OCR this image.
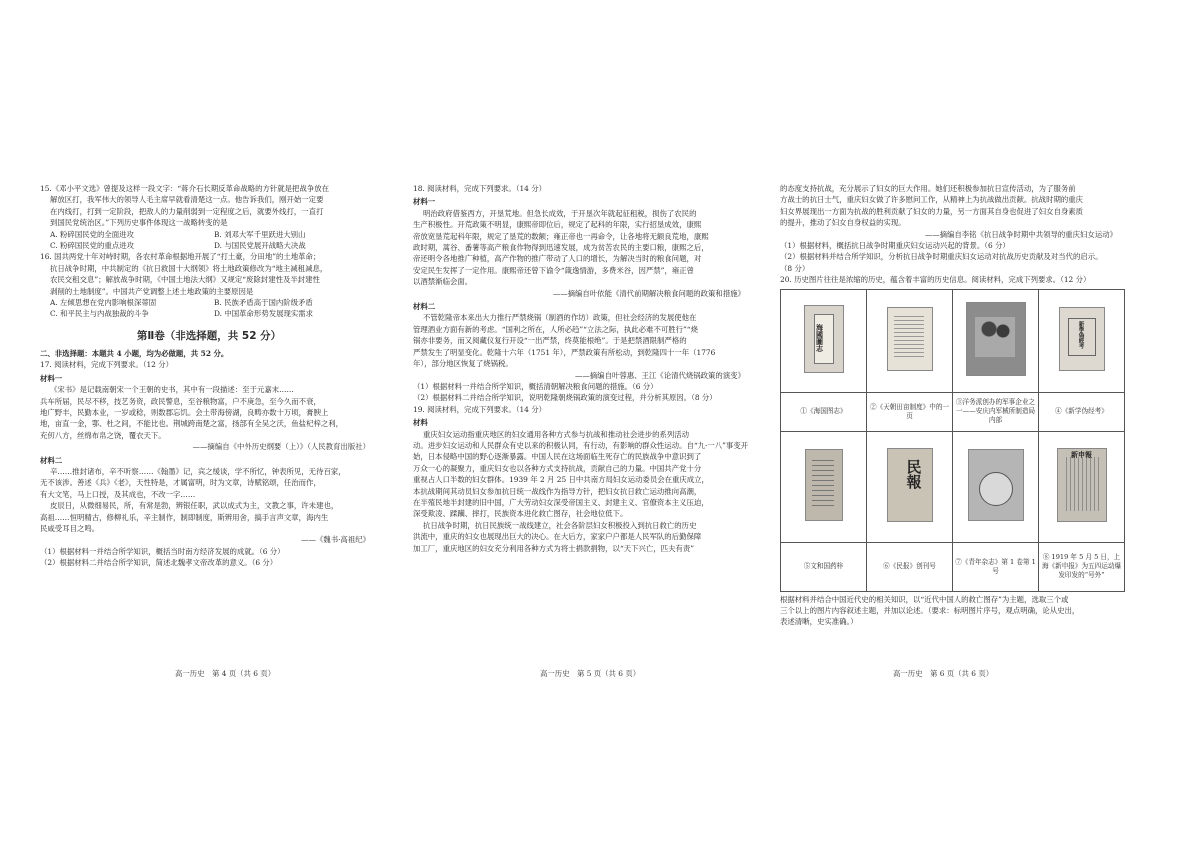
15.《邓小平文选》曾提及这样一段文字：“蒋介石长期反革命战略的方针就是把战争放在
解放区打，我军伟大的领导人毛主席早就看清楚这一点。他告诉我们，刚开始一定要
在内线打，打到一定阶段，把敌人的力量削弱到一定程度之后，就要外线打，一直打
到国民党统治区。”下列历史事件体现这一战略转变的是
A. 粉碎国民党的全面进攻	B. 刘邓大军千里跃进大别山
C. 粉碎国民党的重点进攻	D. 与国民党展开战略大决战
16. 国共两党十年对峙时期，各农村革命根据地开展了“打土豪，分田地”的土地革命；
抗日战争时期，中共制定的《抗日救国十大纲领》将土地政策修改为“地主减租减息，
农民交租交息”；解放战争时期，《中国土地法大纲》又规定“废除封建性及半封建性
剥削的土地制度”。中国共产党调整上述土地政策的主要原因是
A. 左倾思想在党内影响根深蒂固	B. 民族矛盾高于国内阶级矛盾
C. 和平民主与内战独裁的斗争	D. 中国革命形势发展现实需求
第Ⅱ卷（非选择题，共 52 分）
二、非选择题：本题共 4 小题，均为必做题，共 52 分。
17. 阅读材料，完成下列要求。（12 分）
材料一
《宋书》是记载南朝宋一个王朝的史书，其中有一段描述：至于元嘉末……
兵车所届，民尽不移，技艺务资，政民警息，至谷粮物富，户不庚急，至今久而不衰，
地广野丰，民勤本业，一岁或稔，则数郡忘饥。会土带海傍湖，良畴亦数十万顷，膏腴上
地，亩直一金，鄠、杜之间，不能比也。荆城跨南楚之富，扬部有全吴之沃，鱼盐杞梓之利，
充仞八方，丝绵布帛之饶，覆衣天下。
——摘编自《中外历史纲要（上）》（人民教育出版社）
材料二
辛……推封诸布，辛不听察……《翰墨》记，宾之缓谈，学不所忆，钟表所见，无待百家，
无不该涉。善述《兵》《老》，天性特是，才属富明，时为文章，诗赋铭颂，任治而作，
有大文笔，马上口授，及其成也，不改一字……
皮辰日，从微细易民，所，有常是勃，辨银任职，武以成式为主，文教之事，许未建也，
高祖……恒明精古，修柳礼乐，辛主制作，制即制度，斯辨用舍，搞手言声文章，海内生
民咸受耳目之鸣。
——《魏书·高祖纪》
（1）根据材料一并结合所学知识，概括当时南方经济发展的成就。（6 分）
（2）根据材料二并结合所学知识，简述北魏孝文帝改革的意义。（6 分）
高一历史　第 4 页（共 6 页）
18. 阅读材料，完成下列要求。（14 分）
材料一
明治政府借鉴西方，开垦荒地。但急长成效，于开垦次年就起征租税，损伤了农民的
生产积极性。开荒政策不明显，康熙帝即位后，规定了起科的年限，实行招垦成效，康熙
帝放宽垦荒起科年限，规定了垦荒的数额；雍正帝也一再命令，让各地将无额良荒地，康熙
政时期，蒿谷、番薯等高产粮食作物得到迅速发展，成为贫苦农民的主要口粮，康熙之后，
帝还明令各地推广种植，高产作物的推广带动了人口的增长，为解决当时的粮食问题，对
安定民生发挥了一定作用。康熙帝还曾下谕令“箴逸情游，多费米谷，因严禁”，雍正曾
以酒禁渐临会面。
——摘编自叶依能《清代前期解决粮食问题的政策和措施》
材料二
不管乾隆帝本来出大力推行严禁烧锅（制酒的作坊）政策，但社会经济的发展使他在
管理酒业方面有新的考虑。“国利之所在，人所必趋”“立法之际，执此必难不可胜行”“烧
锅亦非要务，而又阅藏仪复行开设“一出严禁，终莫能根绝”。于是把禁酒限制严格的
严禁发生了明显变化。乾隆十六年（1751 年），严禁政策有所松动，到乾隆四十一年（1776
年），部分地区恢复了烧锅税。
——摘编自叶蓉惠、王江《论清代烧锅政策的演变》
（1）根据材料一并结合所学知识，概括清朝解决粮食问题的措施。（6 分）
（2）根据材料二并结合所学知识，说明乾隆朝烧锅政策的演变过程，并分析其原因。（8 分）
19. 阅读材料，完成下列要求。（14 分）
材料
重庆妇女运动指重庆地区的妇女通用各种方式参与抗战和推动社会进步的系列活动
动。进步妇女运动和人民群众有史以来的积极认同，有行动，有影响的群众性运动。自“九·一八”事变开
始，日本侵略中国的野心逐渐暴露。中国人民在这场面临生死存亡的民族战争中意识到了
万众一心的凝聚力，重庆妇女也以各种方式支持抗战，贡献自己的力量。中国共产党十分
重视占人口半数的妇女群体。1939 年 2 月 25 日中共南方局妇女运动委员会在重庆成立，
本抗战期间其动员妇女参加抗日统一战线作为指导方针，把妇女抗日救亡运动推向高潮，
在半殖民地半封建的旧中国，广大劳动妇女深受帝国主义、封建主义、官僚资本主义压迫，
深受欺凌、蹂躏、摔打，民族资本进化救亡图存，社会地位低下。
抗日战争时期，抗日民族统一战线建立，社会各阶层妇女积极投入到抗日救亡的历史
洪流中，重庆的妇女也展现出巨大的决心。在大后方，家家户户都是人民军队的后勤保障
加工厂，重庆地区的妇女充分利用各种方式为将士捐款捐物，以“天下兴亡，匹夫有责”
高一历史　第 5 页（共 6 页）
的态度支持抗战，充分展示了妇女的巨大作用。她们还积极参加抗日宣传活动，为了服务前
方战士的抗日士气，重庆妇女做了许多慰问工作，从精神上为抗战做出贡献。抗战时期的重庆
妇女界展现出一方面为抗战的胜利贡献了妇女的力量，另一方面其自身也促进了妇女自身素质
的提升，推动了妇女自身权益的实现。
——摘编自李铭《抗日战争时期中共领导的重庆妇女运动》
（1）根据材料，概括抗日战争时期重庆妇女运动兴起的背景。（6 分）
（2）根据材料并结合所学知识，分析抗日战争时期重庆妇女运动对抗战历史贡献及对当代的启示。
（8 分）
20. 历史图片往往是浓缩的历史，蕴含着丰富的历史信息。阅读材料，完成下列要求。（12 分）
海國圖志			新學偽經考

①《海国图志》	②《天朝田亩制度》中的一页	③洋务派创办的军事企业之一——安庆内军械所制造局内部	④《新学伪经考》

	民報		新申報

⑤文和国药梓	⑥《民报》创刊号	⑦《青年杂志》第 1 卷第 1 号	⑧ 1919 年 5 月 5 日，上海《新申报》为五四运动爆发印发的“号外”
根据材料并结合中国近代史的相关知识，以“近代中国人的救亡图存”为主题，选取三个或
三个以上的图片内容叙述主题，并加以论述。（要求：标明图片序号，观点明确，论从史出，
表述清晰，史实准确。）
高一历史　第 6 页（共 6 页）
